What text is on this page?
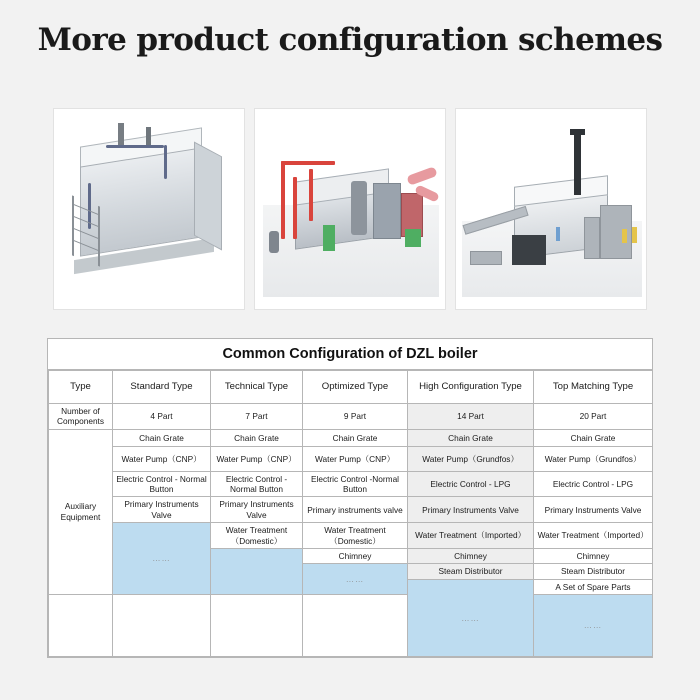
More product configuration schemes
Common Configuration of DZL boiler
Type	Standard Type	Technical Type	Optimized Type	High Configuration Type	Top Matching Type
Number of Components	4 Part	7 Part	9 Part	14 Part	20 Part
Auxiliary Equipment	Chain Grate	Chain Grate	Chain Grate	Chain Grate	Chain Grate
	Water Pump（CNP）	Water Pump（CNP）	Water Pump（CNP）	Water Pump（Grundfos）	Water Pump（Grundfos）
	Electric Control - Normal Button	Electric Control - Normal Button	Electric Control -Normal Button	Electric Control - LPG	Electric Control - LPG
	Primary Instruments Valve	Primary Instruments Valve	Primary instruments valve	Primary Instruments Valve	Primary Instruments Valve
	……	Water Treatment（Domestic）	Water Treatment（Domestic）	Water Treatment（Imported）	Water Treatment（Imported）
			Chimney	Chimney	Chimney
			……	Steam Distributor	Steam Distributor
				……	A Set of Spare Parts
					……
